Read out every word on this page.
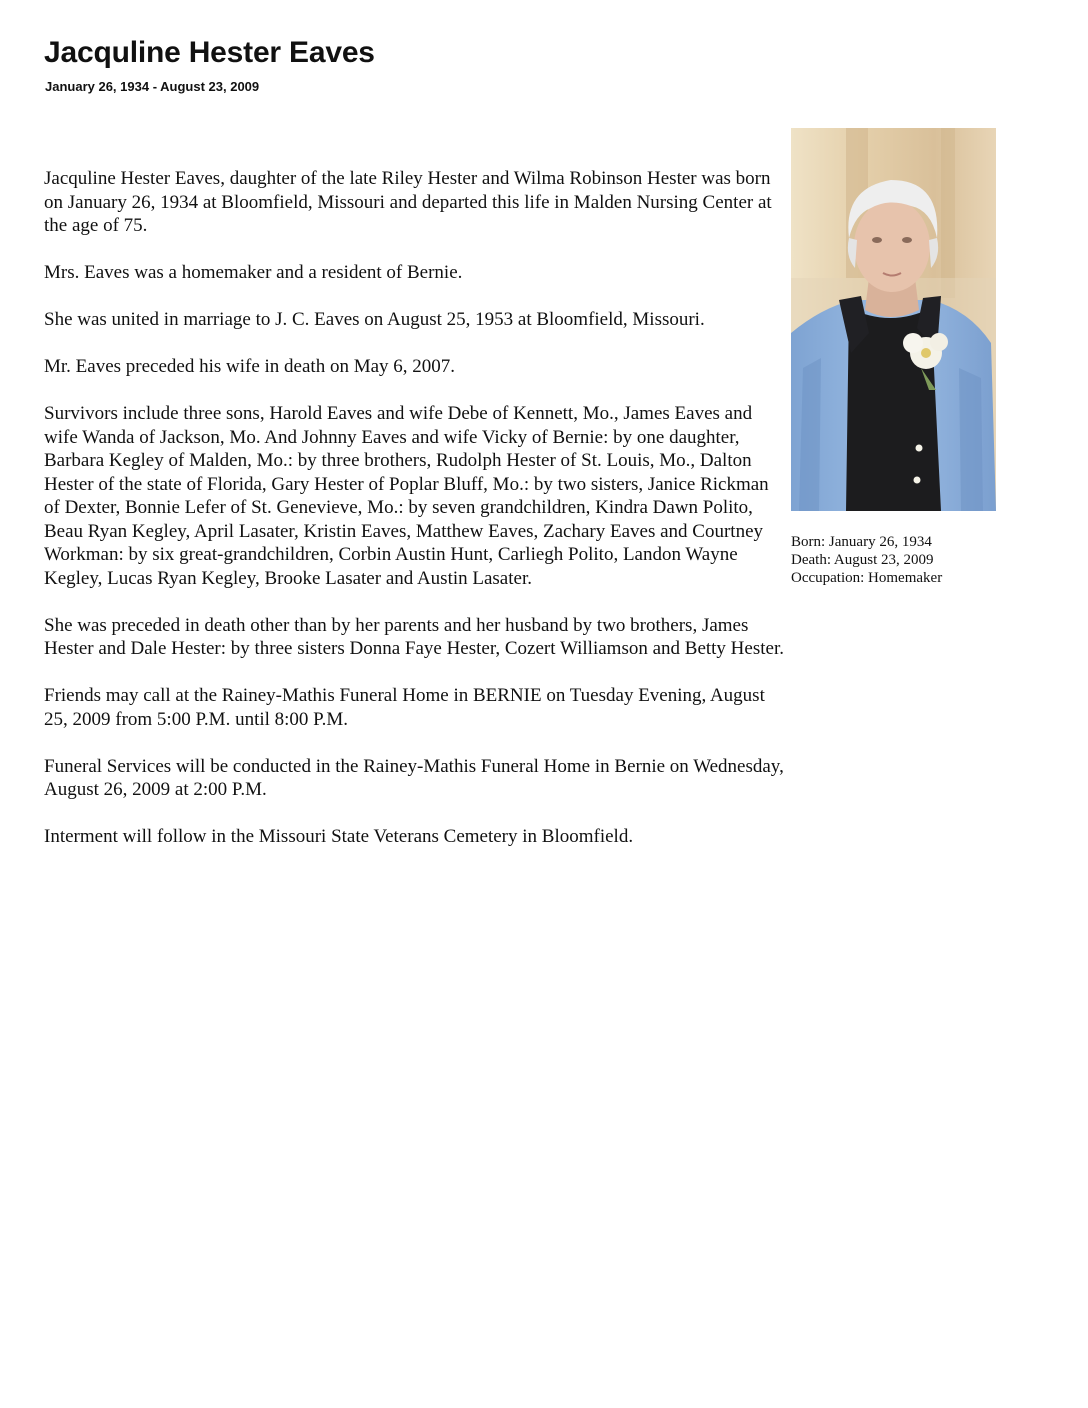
Jacquline Hester Eaves
January 26, 1934 - August 23, 2009

Jacquline Hester Eaves, daughter of the late Riley Hester and Wilma Robinson Hester was born on January 26, 1934 at Bloomfield, Missouri and departed this life in Malden Nursing Center at the age of 75.

Mrs. Eaves was a homemaker and a resident of Bernie.

She was united in marriage to J. C. Eaves on August 25, 1953 at Bloomfield, Missouri.

Mr. Eaves preceded his wife in death on May 6, 2007.

Survivors include three sons, Harold Eaves and wife Debe of Kennett, Mo., James Eaves and wife Wanda of Jackson, Mo. And Johnny Eaves and wife Vicky of Bernie: by one daughter, Barbara Kegley of Malden, Mo.: by three brothers, Rudolph Hester of St. Louis, Mo., Dalton Hester of the state of Florida, Gary Hester of Poplar Bluff, Mo.: by two sisters, Janice Rickman of Dexter, Bonnie Lefer of St. Genevieve, Mo.: by seven grandchildren, Kindra Dawn Polito, Beau Ryan Kegley, April Lasater, Kristin Eaves, Matthew Eaves, Zachary Eaves and Courtney Workman: by six great-grandchildren, Corbin Austin Hunt, Carliegh Polito, Landon Wayne Kegley, Lucas Ryan Kegley, Brooke Lasater and Austin Lasater.

She was preceded in death other than by her parents and her husband by two brothers, James Hester and Dale Hester: by three sisters Donna Faye Hester, Cozert Williamson and Betty Hester.

Friends may call at the Rainey-Mathis Funeral Home in BERNIE on Tuesday Evening, August 25, 2009 from 5:00 P.M. until 8:00 P.M.

Funeral Services will be conducted in the Rainey-Mathis Funeral Home in Bernie on Wednesday, August 26, 2009 at 2:00 P.M.

Interment will follow in the Missouri State Veterans Cemetery in Bloomfield.

Born: January 26, 1934
Death: August 23, 2009
Occupation: Homemaker
